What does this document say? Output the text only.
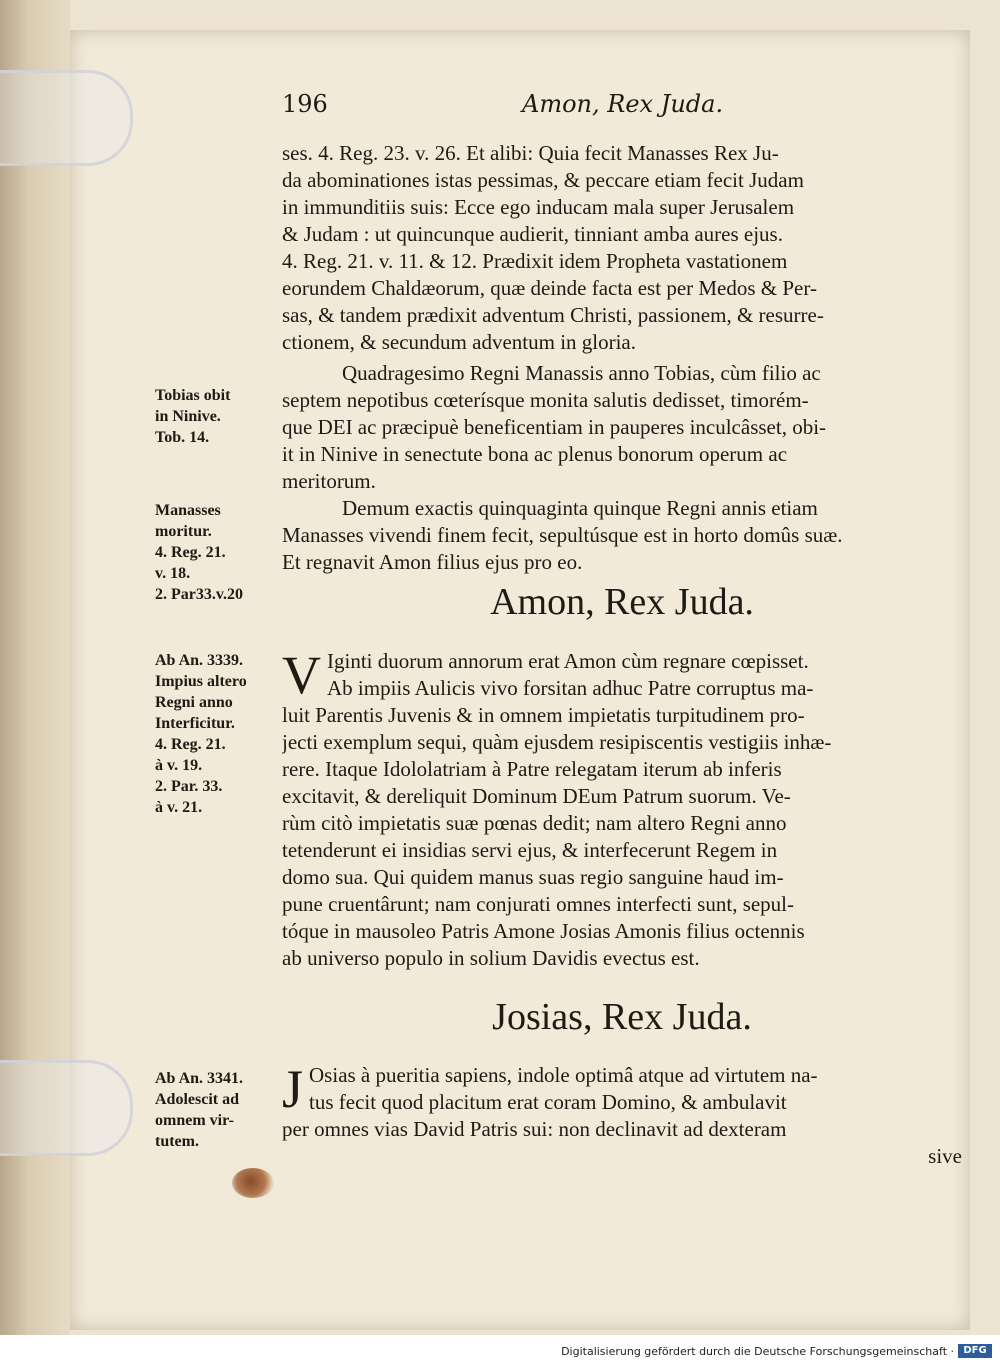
196	Amon, Rex Juda.
ses. 4. Reg. 23. v. 26. Et alibi: Quia fecit Manasses Rex Ju-
da abominationes istas pessimas, & peccare etiam fecit Judam
in immunditiis suis: Ecce ego inducam mala super Jerusalem
& Judam : ut quincunque audierit, tinniant amba aures ejus.
4. Reg. 21. v. 11. & 12. Prædixit idem Propheta vastationem
eorundem Chaldæorum, quæ deinde facta est per Medos & Per-
sas, & tandem prædixit adventum Christi, passionem, & resurre-
ctionem, & secundum adventum in gloria.
Quadragesimo Regni Manassis anno Tobias, cùm filio ac
septem nepotibus cœterísque monita salutis dedisset, timorém-
que DEI ac præcipuè beneficentiam in pauperes inculcâsset, obi-
it in Ninive in senectute bona ac plenus bonorum operum ac
meritorum.
Demum exactis quinquaginta quinque Regni annis etiam
Manasses vivendi finem fecit, sepultúsque est in horto domûs suæ.
Et regnavit Amon filius ejus pro eo.
Amon, Rex Juda.
V Iginti duorum annorum erat Amon cùm regnare cœpisset.
Ab impiis Aulicis vivo forsitan adhuc Patre corruptus ma-
luit Parentis Juvenis & in omnem impietatis turpitudinem pro-
jecti exemplum sequi, quàm ejusdem resipiscentis vestigiis inhæ-
rere. Itaque Idololatriam à Patre relegatam iterum ab inferis
excitavit, & dereliquit Dominum DEum Patrum suorum. Ve-
rùm citò impietatis suæ pœnas dedit; nam altero Regni anno
tetenderunt ei insidias servi ejus, & interfecerunt Regem in
domo sua. Qui quidem manus suas regio sanguine haud im-
pune cruentârunt; nam conjurati omnes interfecti sunt, sepul-
tóque in mausoleo Patris Amone Josias Amonis filius octennis
ab universo populo in solium Davidis evectus est.
Josias, Rex Juda.
J Osias à pueritia sapiens, indole optimâ atque ad virtutem na-
tus fecit quod placitum erat coram Domino, & ambulavit
per omnes vias David Patris sui: non declinavit ad dexteram
sive
Tobias obit
in Ninive.
Tob. 14.
Manasses
moritur.
4. Reg. 21.
v. 18.
2. Par33.v.20
Ab An. 3339.
Impius altero
Regni anno
Interficitur.
4. Reg. 21.
à v. 19.
2. Par. 33.
à v. 21.
Ab An. 3341.
Adolescit ad
omnem vir-
tutem.
Digitalisierung gefördert durch die Deutsche Forschungsgemeinschaft · DFG
